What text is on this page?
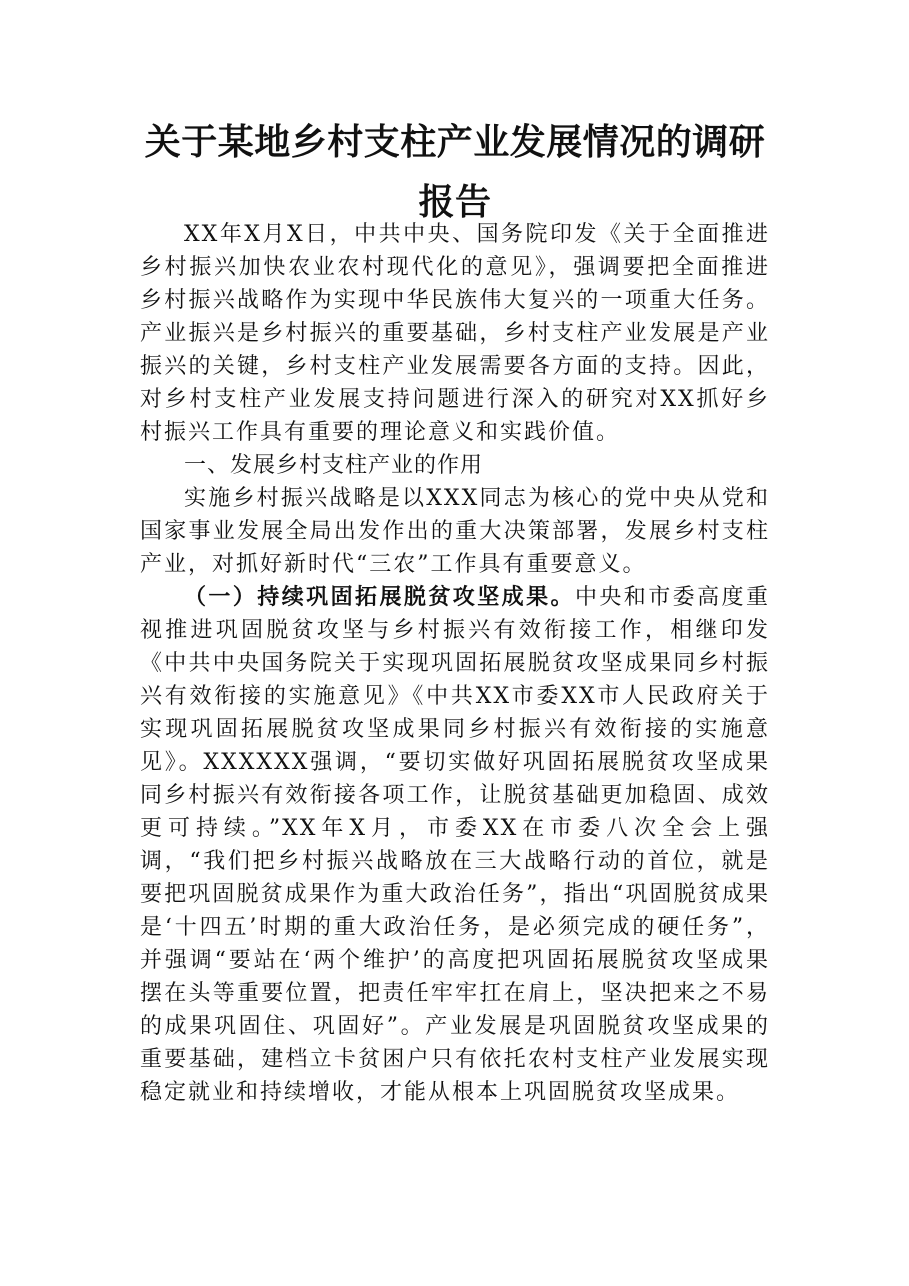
关于某地乡村支柱产业发展情况的调研报告

XX年X月X日，中共中央、国务院印发《关于全面推进乡村振兴加快农业农村现代化的意见》，强调要把全面推进乡村振兴战略作为实现中华民族伟大复兴的一项重大任务。产业振兴是乡村振兴的重要基础，乡村支柱产业发展是产业振兴的关键，乡村支柱产业发展需要各方面的支持。因此，对乡村支柱产业发展支持问题进行深入的研究对XX抓好乡村振兴工作具有重要的理论意义和实践价值。

一、发展乡村支柱产业的作用

实施乡村振兴战略是以XXX同志为核心的党中央从党和国家事业发展全局出发作出的重大决策部署，发展乡村支柱产业，对抓好新时代“三农”工作具有重要意义。

（一）持续巩固拓展脱贫攻坚成果。中央和市委高度重视推进巩固脱贫攻坚与乡村振兴有效衔接工作，相继印发《中共中央国务院关于实现巩固拓展脱贫攻坚成果同乡村振兴有效衔接的实施意见》《中共XX市委XX市人民政府关于实现巩固拓展脱贫攻坚成果同乡村振兴有效衔接的实施意见》。XXXXXX强调，“要切实做好巩固拓展脱贫攻坚成果同乡村振兴有效衔接各项工作，让脱贫基础更加稳固、成效更可持续。”XX年X月，市委XX在市委八次全会上强调，“我们把乡村振兴战略放在三大战略行动的首位，就是要把巩固脱贫成果作为重大政治任务”，指出“巩固脱贫成果是‘十四五’时期的重大政治任务，是必须完成的硬任务”，并强调“要站在‘两个维护’的高度把巩固拓展脱贫攻坚成果摆在头等重要位置，把责任牢牢扛在肩上，坚决把来之不易的成果巩固住、巩固好”。产业发展是巩固脱贫攻坚成果的重要基础，建档立卡贫困户只有依托农村支柱产业发展实现稳定就业和持续增收，才能从根本上巩固脱贫攻坚成果。
